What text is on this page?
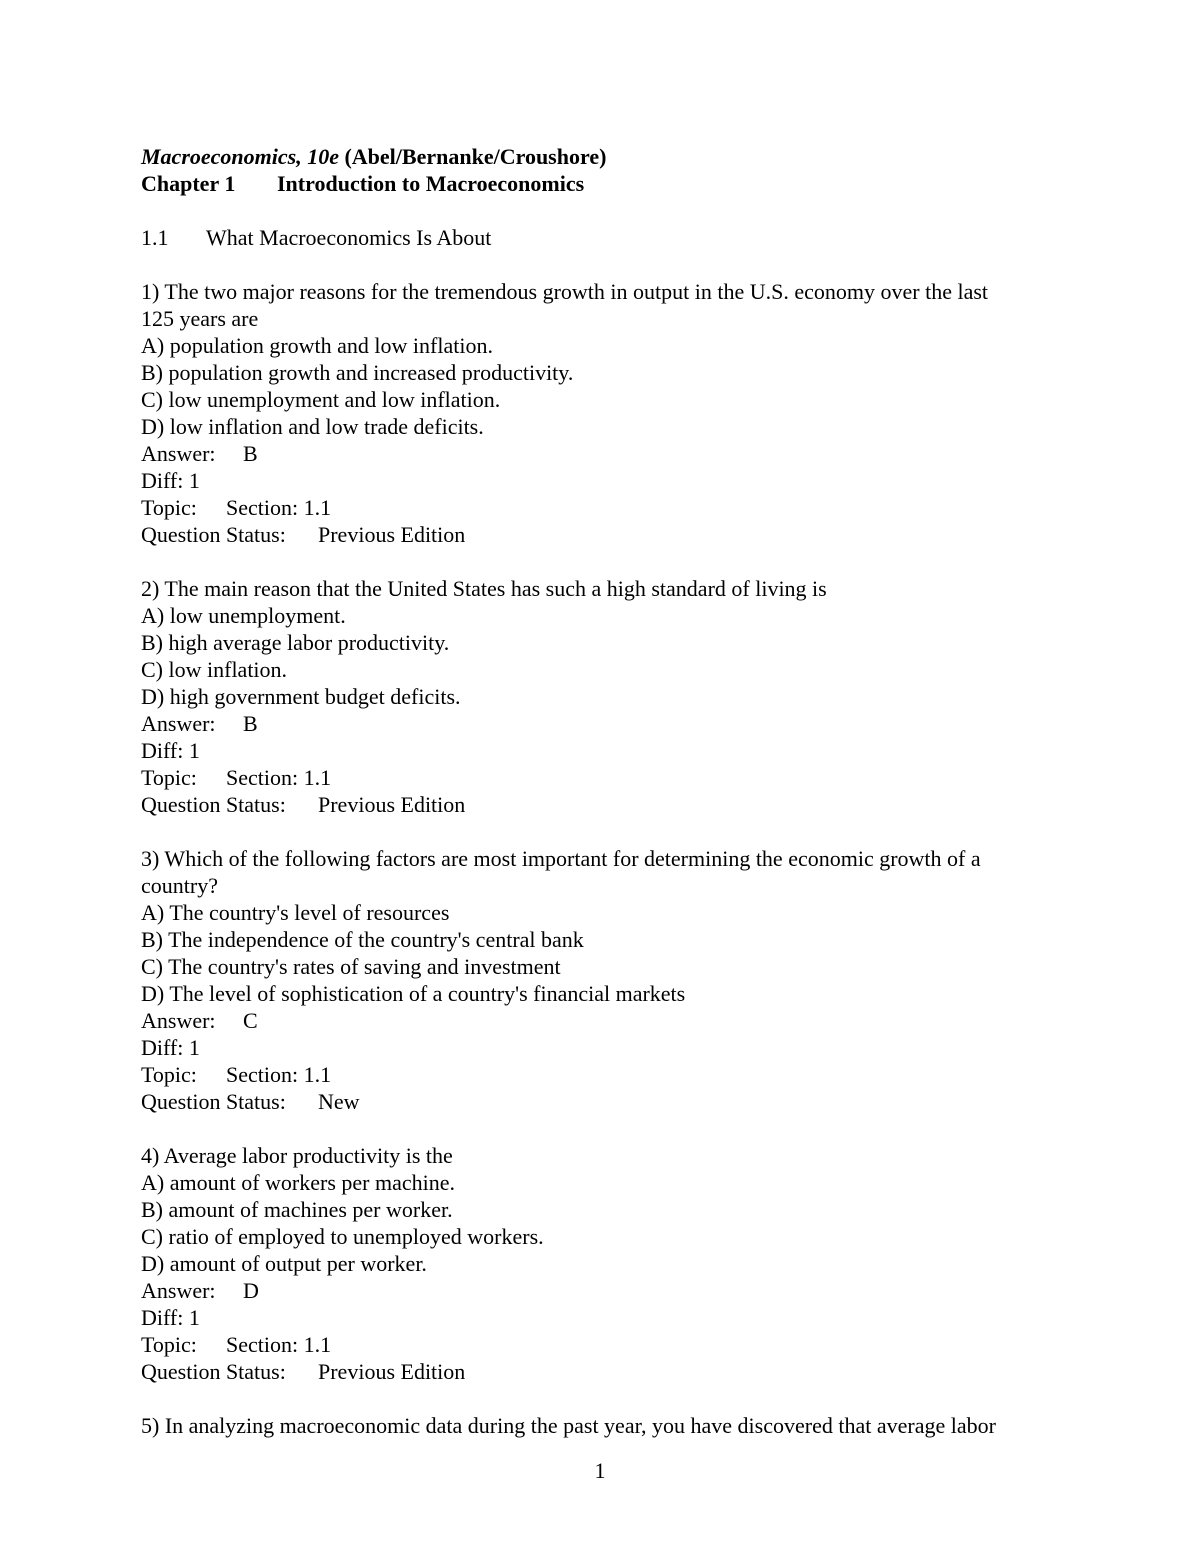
Macroeconomics, 10e (Abel/Bernanke/Croushore)
Chapter 1 Introduction to Macroeconomics
1.1 What Macroeconomics Is About
1) The two major reasons for the tremendous growth in output in the U.S. economy over the last
125 years are
A) population growth and low inflation.
B) population growth and increased productivity.
C) low unemployment and low inflation.
D) low inflation and low trade deficits.
Answer: B
Diff: 1
Topic: Section: 1.1
Question Status: Previous Edition
2) The main reason that the United States has such a high standard of living is
A) low unemployment.
B) high average labor productivity.
C) low inflation.
D) high government budget deficits.
Answer: B
Diff: 1
Topic: Section: 1.1
Question Status: Previous Edition
3) Which of the following factors are most important for determining the economic growth of a
country?
A) The country's level of resources
B) The independence of the country's central bank
C) The country's rates of saving and investment
D) The level of sophistication of a country's financial markets
Answer: C
Diff: 1
Topic: Section: 1.1
Question Status: New
4) Average labor productivity is the
A) amount of workers per machine.
B) amount of machines per worker.
C) ratio of employed to unemployed workers.
D) amount of output per worker.
Answer: D
Diff: 1
Topic: Section: 1.1
Question Status: Previous Edition
5) In analyzing macroeconomic data during the past year, you have discovered that average labor
1
